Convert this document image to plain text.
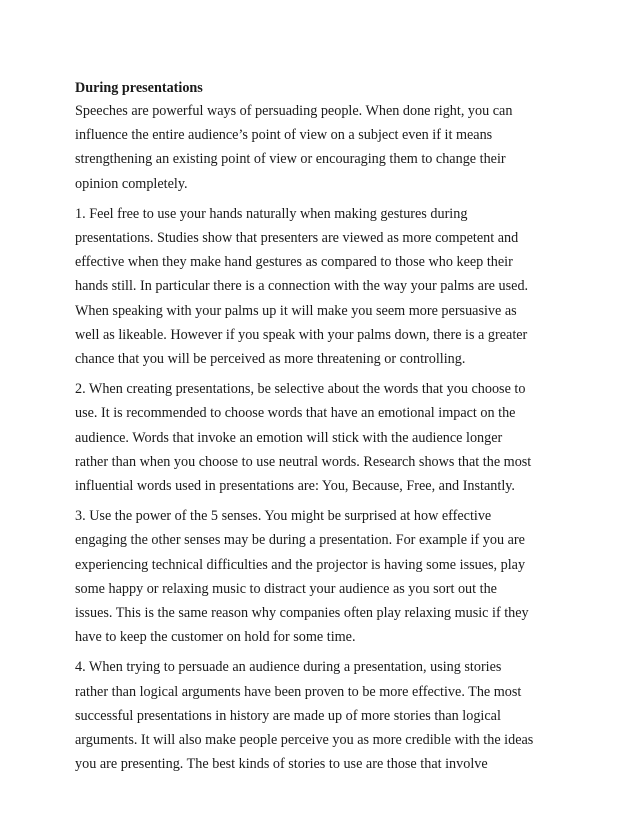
During presentations

Speeches are powerful ways of persuading people. When done right, you can
influence the entire audience’s point of view on a subject even if it means
strengthening an existing point of view or encouraging them to change their
opinion completely.
1. Feel free to use your hands naturally when making gestures during
presentations. Studies show that presenters are viewed as more competent and
effective when they make hand gestures as compared to those who keep their
hands still. In particular there is a connection with the way your palms are used.
When speaking with your palms up it will make you seem more persuasive as
well as likeable. However if you speak with your palms down, there is a greater
chance that you will be perceived as more threatening or controlling.
2. When creating presentations, be selective about the words that you choose to
use. It is recommended to choose words that have an emotional impact on the
audience. Words that invoke an emotion will stick with the audience longer
rather than when you choose to use neutral words. Research shows that the most
influential words used in presentations are: You, Because, Free, and Instantly.
3. Use the power of the 5 senses. You might be surprised at how effective
engaging the other senses may be during a presentation. For example if you are
experiencing technical difficulties and the projector is having some issues, play
some happy or relaxing music to distract your audience as you sort out the
issues. This is the same reason why companies often play relaxing music if they
have to keep the customer on hold for some time.
4. When trying to persuade an audience during a presentation, using stories
rather than logical arguments have been proven to be more effective. The most
successful presentations in history are made up of more stories than logical
arguments. It will also make people perceive you as more credible with the ideas
you are presenting. The best kinds of stories to use are those that involve
